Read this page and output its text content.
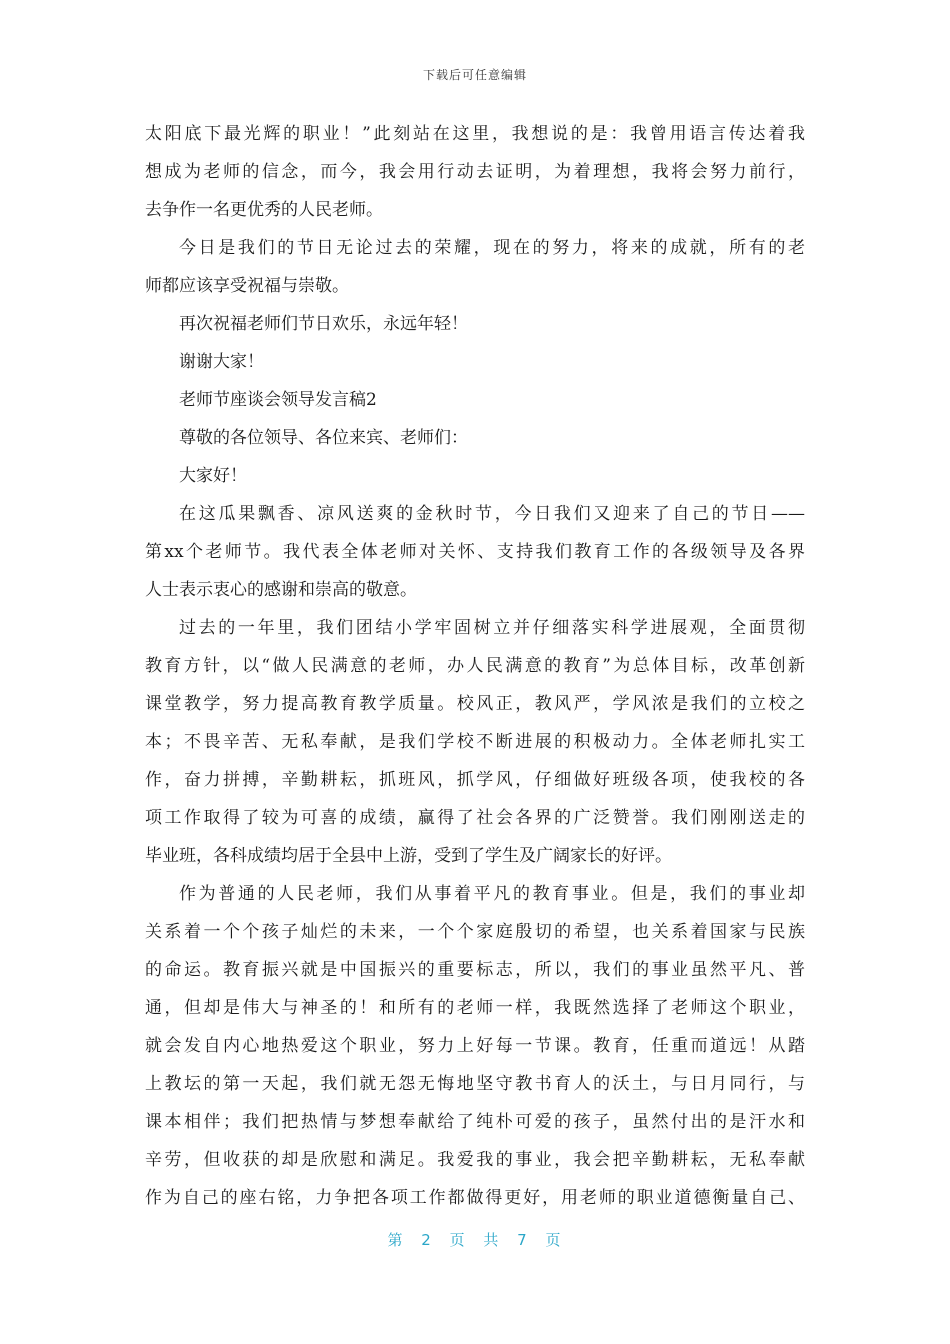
下载后可任意编辑
太阳底下最光辉的职业！”此刻站在这里，我想说的是：我曾用语言传达着我
想成为老师的信念，而今，我会用行动去证明，为着理想，我将会努力前行，
去争作一名更优秀的人民老师。
今日是我们的节日无论过去的荣耀，现在的努力，将来的成就，所有的老
师都应该享受祝福与崇敬。
再次祝福老师们节日欢乐，永远年轻！
谢谢大家！
老师节座谈会领导发言稿2
尊敬的各位领导、各位来宾、老师们：
大家好！
在这瓜果飘香、凉风送爽的金秋时节，今日我们又迎来了自己的节日——
第xx个老师节。我代表全体老师对关怀、支持我们教育工作的各级领导及各界
人士表示衷心的感谢和崇高的敬意。
过去的一年里，我们团结小学牢固树立并仔细落实科学进展观，全面贯彻
教育方针，以“做人民满意的老师，办人民满意的教育”为总体目标，改革创新
课堂教学，努力提高教育教学质量。校风正，教风严，学风浓是我们的立校之
本；不畏辛苦、无私奉献，是我们学校不断进展的积极动力。全体老师扎实工
作，奋力拼搏，辛勤耕耘，抓班风，抓学风，仔细做好班级各项，使我校的各
项工作取得了较为可喜的成绩，赢得了社会各界的广泛赞誉。我们刚刚送走的
毕业班，各科成绩均居于全县中上游，受到了学生及广阔家长的好评。
作为普通的人民老师，我们从事着平凡的教育事业。但是，我们的事业却
关系着一个个孩子灿烂的未来，一个个家庭殷切的希望，也关系着国家与民族
的命运。教育振兴就是中国振兴的重要标志，所以，我们的事业虽然平凡、普
通，但却是伟大与神圣的！和所有的老师一样，我既然选择了老师这个职业，
就会发自内心地热爱这个职业，努力上好每一节课。教育，任重而道远！从踏
上教坛的第一天起，我们就无怨无悔地坚守教书育人的沃土，与日月同行，与
课本相伴；我们把热情与梦想奉献给了纯朴可爱的孩子，虽然付出的是汗水和
辛劳，但收获的却是欣慰和满足。我爱我的事业，我会把辛勤耕耘，无私奉献
作为自己的座右铭，力争把各项工作都做得更好，用老师的职业道德衡量自己、
第 2 页 共 7 页
